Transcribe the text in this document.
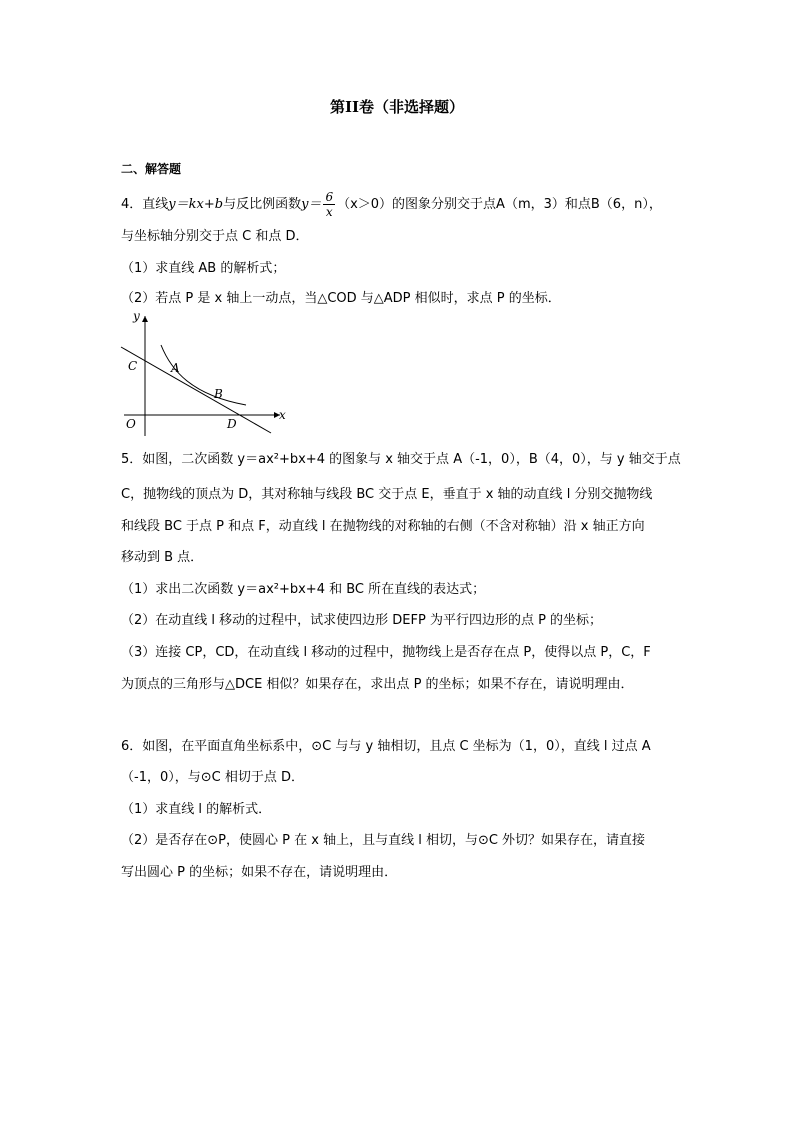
第II卷（非选择题）
二、解答题
4．直线y＝kx+b与反比例函数$y= \frac{6}{x} (x>0)$的图象分别交于点A（m，3）和点B（6，n），
与坐标轴分别交于点 C 和点 D．
（1）求直线 AB 的解析式；
（2）若点 P 是 x 轴上一动点，当△COD 与△ADP 相似时，求点 P 的坐标．
y
x
O
C	A
B
D
5．如图，二次函数 y＝ax²+bx+4 的图象与 x 轴交于点 A（-1，0），B（4，0），与 y 轴交于点
C，抛物线的顶点为 D，其对称轴与线段 BC 交于点 E，垂直于 x 轴的动直线 l 分别交抛物线
和线段 BC 于点 P 和点 F，动直线 l 在抛物线的对称轴的右侧（不含对称轴）沿 x 轴正方向
移动到 B 点．
（1）求出二次函数 y＝ax²+bx+4 和 BC 所在直线的表达式；
（2）在动直线 l 移动的过程中，试求使四边形 DEFP 为平行四边形的点 P 的坐标；
（3）连接 CP，CD，在动直线 l 移动的过程中，抛物线上是否存在点 P，使得以点 P，C，F
为顶点的三角形与△DCE 相似？如果存在，求出点 P 的坐标；如果不存在，请说明理由．
6．如图，在平面直角坐标系中，⊙C 与与 y 轴相切，且点 C 坐标为（1，0），直线 l 过点 A
（-1，0），与⊙C 相切于点 D．
（1）求直线 l 的解析式．
（2）是否存在⊙P，使圆心 P 在 x 轴上，且与直线 l 相切，与⊙C 外切？如果存在，请直接
写出圆心 P 的坐标；如果不存在，请说明理由．
